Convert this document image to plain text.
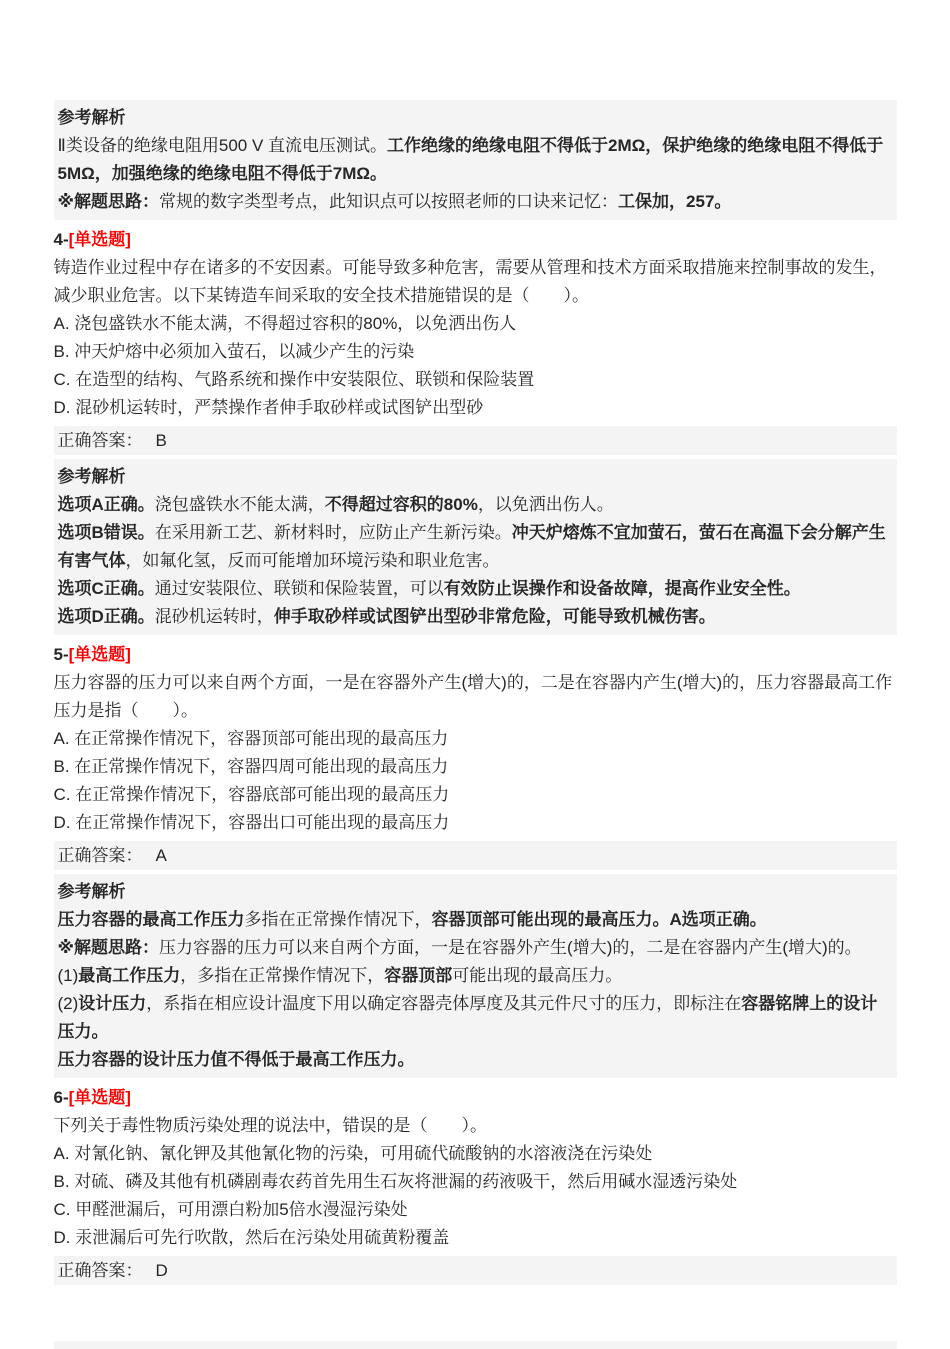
参考解析

Ⅱ类设备的绝缘电阻用500 V 直流电压测试。工作绝缘的绝缘电阻不得低于2MΩ，保护绝缘的绝缘电阻不得低于5MΩ，加强绝缘的绝缘电阻不得低于7MΩ。

※解题思路：常规的数字类型考点，此知识点可以按照老师的口诀来记忆：工保加，257。

4-[单选题]

铸造作业过程中存在诸多的不安因素。可能导致多种危害，需要从管理和技术方面采取措施来控制事故的发生，减少职业危害。以下某铸造车间采取的安全技术措施错误的是（　　）。

A. 浇包盛铁水不能太满，不得超过容积的80%，以免洒出伤人

B. 冲天炉熔中必须加入萤石，以减少产生的污染

C. 在造型的结构、气路系统和操作中安装限位、联锁和保险装置

D. 混砂机运转时，严禁操作者伸手取砂样或试图铲出型砂

正确答案： B

参考解析

选项A正确。浇包盛铁水不能太满，不得超过容积的80%，以免洒出伤人。

选项B错误。在采用新工艺、新材料时，应防止产生新污染。冲天炉熔炼不宜加萤石，萤石在高温下会分解产生有害气体，如氟化氢，反而可能增加环境污染和职业危害。

选项C正确。通过安装限位、联锁和保险装置，可以有效防止误操作和设备故障，提高作业安全性。

选项D正确。混砂机运转时，伸手取砂样或试图铲出型砂非常危险，可能导致机械伤害。

5-[单选题]

压力容器的压力可以来自两个方面，一是在容器外产生(增大)的，二是在容器内产生(增大)的，压力容器最高工作压力是指（　　）。

A. 在正常操作情况下，容器顶部可能出现的最高压力

B. 在正常操作情况下，容器四周可能出现的最高压力

C. 在正常操作情况下，容器底部可能出现的最高压力

D. 在正常操作情况下，容器出口可能出现的最高压力

正确答案： A

参考解析

压力容器的最高工作压力多指在正常操作情况下，容器顶部可能出现的最高压力。A选项正确。

※解题思路：压力容器的压力可以来自两个方面，一是在容器外产生(增大)的，二是在容器内产生(增大)的。

(1)最高工作压力，多指在正常操作情况下，容器顶部可能出现的最高压力。

(2)设计压力，系指在相应设计温度下用以确定容器壳体厚度及其元件尺寸的压力，即标注在容器铭牌上的设计压力。

压力容器的设计压力值不得低于最高工作压力。

6-[单选题]

下列关于毒性物质污染处理的说法中，错误的是（　　）。

A. 对氰化钠、氰化钾及其他氰化物的污染，可用硫代硫酸钠的水溶液浇在污染处

B. 对硫、磷及其他有机磷剧毒农药首先用生石灰将泄漏的药液吸干，然后用碱水湿透污染处

C. 甲醛泄漏后，可用漂白粉加5倍水漫湿污染处

D. 汞泄漏后可先行吹散，然后在污染处用硫黄粉覆盖

正确答案： D
